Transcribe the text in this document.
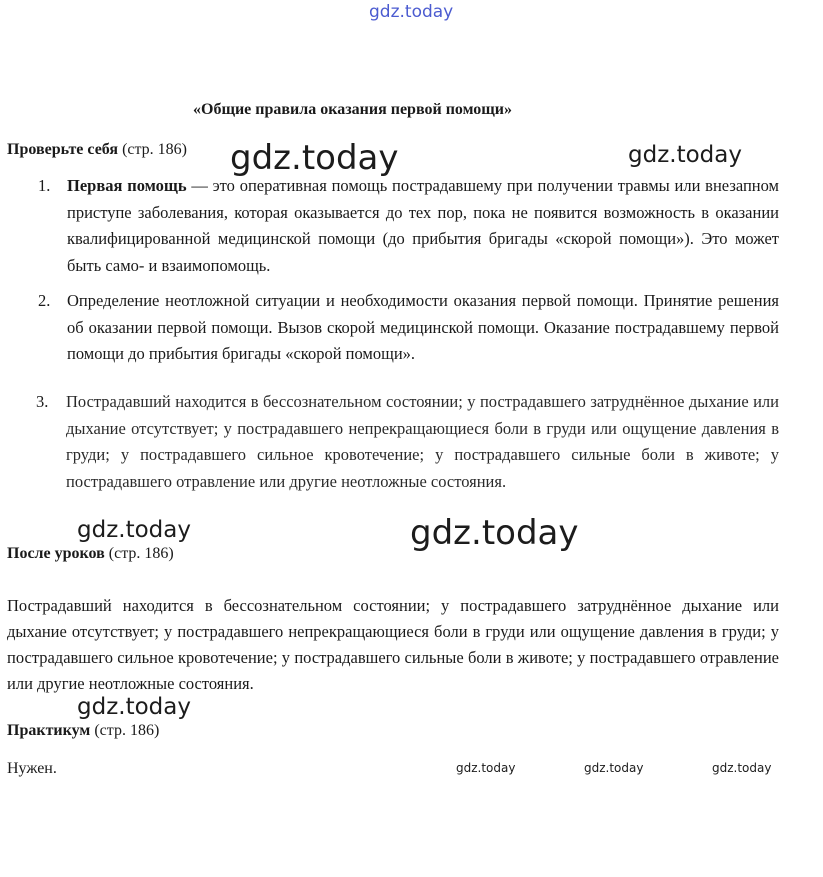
gdz.today
«Общие правила оказания первой помощи»
Проверьте себя (стр. 186) gdz.today	gdz.today
1. Первая помощь — это оперативная помощь пострадавшему при получении травмы или внезапном приступе заболевания, которая оказывается до тех пор, пока не появится возможность в оказании квалифицированной медицинской помощи (до прибытия бригады «скорой помощи»). Это может быть само- и взаимопомощь.
2. Определение неотложной ситуации и необходимости оказания первой помощи. Принятие решения об оказании первой помощи. Вызов скорой медицинской помощи. Оказание пострадавшему первой помощи до прибытия бригады «скорой помощи».
3. Пострадавший находится в бессознательном состоянии; у пострадавшего затруднённое дыхание или дыхание отсутствует; у пострадавшего непрекращающиеся боли в груди или ощущение давления в груди; у пострадавшего сильное кровотечение; у пострадавшего сильные боли в животе; у пострадавшего отравление или другие неотложные состояния.
gdz.today	gdz.today
После уроков (стр. 186)
Пострадавший находится в бессознательном состоянии; у пострадавшего затруднённое дыхание или дыхание отсутствует; у пострадавшего непрекращающиеся боли в груди или ощущение давления в груди; у пострадавшего сильное кровотечение; у пострадавшего сильные боли в животе; у пострадавшего отравление или другие неотложные состояния.
gdz.today
Практикум (стр. 186)
Нужен.	gdz.today	gdz.today	gdz.today
